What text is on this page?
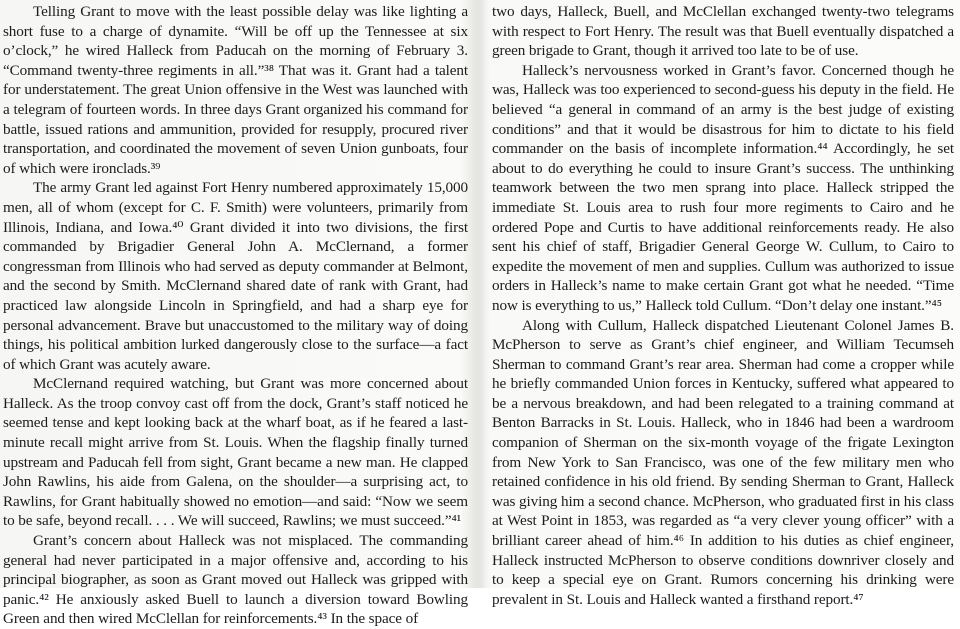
Telling Grant to move with the least possible delay was like lighting a short fuse to a charge of dynamite. “Will be off up the Tennessee at six o’clock,” he wired Halleck from Paducah on the morning of February 3. “Command twenty-three regiments in all.”³⁸ That was it. Grant had a talent for understatement. The great Union offensive in the West was launched with a telegram of fourteen words. In three days Grant organized his command for battle, issued rations and ammunition, provided for resupply, procured river transportation, and coordinated the movement of seven Union gunboats, four of which were ironclads.³⁹

The army Grant led against Fort Henry numbered approximately 15,000 men, all of whom (except for C. F. Smith) were volunteers, primarily from Illinois, Indiana, and Iowa.⁴⁰ Grant divided it into two divisions, the first commanded by Brigadier General John A. McClernand, a former congressman from Illinois who had served as deputy commander at Belmont, and the second by Smith. McClernand shared date of rank with Grant, had practiced law alongside Lincoln in Springfield, and had a sharp eye for personal advancement. Brave but unaccustomed to the military way of doing things, his political ambition lurked dangerously close to the surface—a fact of which Grant was acutely aware.

McClernand required watching, but Grant was more concerned about Halleck. As the troop convoy cast off from the dock, Grant’s staff noticed he seemed tense and kept looking back at the wharf boat, as if he feared a last-minute recall might arrive from St. Louis. When the flagship finally turned upstream and Paducah fell from sight, Grant became a new man. He clapped John Rawlins, his aide from Galena, on the shoulder—a surprising act, to Rawlins, for Grant habitually showed no emotion—and said: “Now we seem to be safe, beyond recall. . . . We will succeed, Rawlins; we must succeed.”⁴¹

Grant’s concern about Halleck was not misplaced. The commanding general had never participated in a major offensive and, according to his principal biographer, as soon as Grant moved out Halleck was gripped with panic.⁴² He anxiously asked Buell to launch a diversion toward Bowling Green and then wired McClellan for reinforcements.⁴³ In the space of

two days, Halleck, Buell, and McClellan exchanged twenty-two telegrams with respect to Fort Henry. The result was that Buell eventually dispatched a green brigade to Grant, though it arrived too late to be of use.

Halleck’s nervousness worked in Grant’s favor. Concerned though he was, Halleck was too experienced to second-guess his deputy in the field. He believed “a general in command of an army is the best judge of existing conditions” and that it would be disastrous for him to dictate to his field commander on the basis of incomplete information.⁴⁴ Accordingly, he set about to do everything he could to insure Grant’s success. The unthinking teamwork between the two men sprang into place. Halleck stripped the immediate St. Louis area to rush four more regiments to Cairo and he ordered Pope and Curtis to have additional reinforcements ready. He also sent his chief of staff, Brigadier General George W. Cullum, to Cairo to expedite the movement of men and supplies. Cullum was authorized to issue orders in Halleck’s name to make certain Grant got what he needed. “Time now is everything to us,” Halleck told Cullum. “Don’t delay one instant.”⁴⁵

Along with Cullum, Halleck dispatched Lieutenant Colonel James B. McPherson to serve as Grant’s chief engineer, and William Tecumseh Sherman to command Grant’s rear area. Sherman had come a cropper while he briefly commanded Union forces in Kentucky, suffered what appeared to be a nervous breakdown, and had been relegated to a training command at Benton Barracks in St. Louis. Halleck, who in 1846 had been a wardroom companion of Sherman on the six-month voyage of the frigate Lexington from New York to San Francisco, was one of the few military men who retained confidence in his old friend. By sending Sherman to Grant, Halleck was giving him a second chance. McPherson, who graduated first in his class at West Point in 1853, was regarded as “a very clever young officer” with a brilliant career ahead of him.⁴⁶ In addition to his duties as chief engineer, Halleck instructed McPherson to observe conditions downriver closely and to keep a special eye on Grant. Rumors concerning his drinking were prevalent in St. Louis and Halleck wanted a firsthand report.⁴⁷
